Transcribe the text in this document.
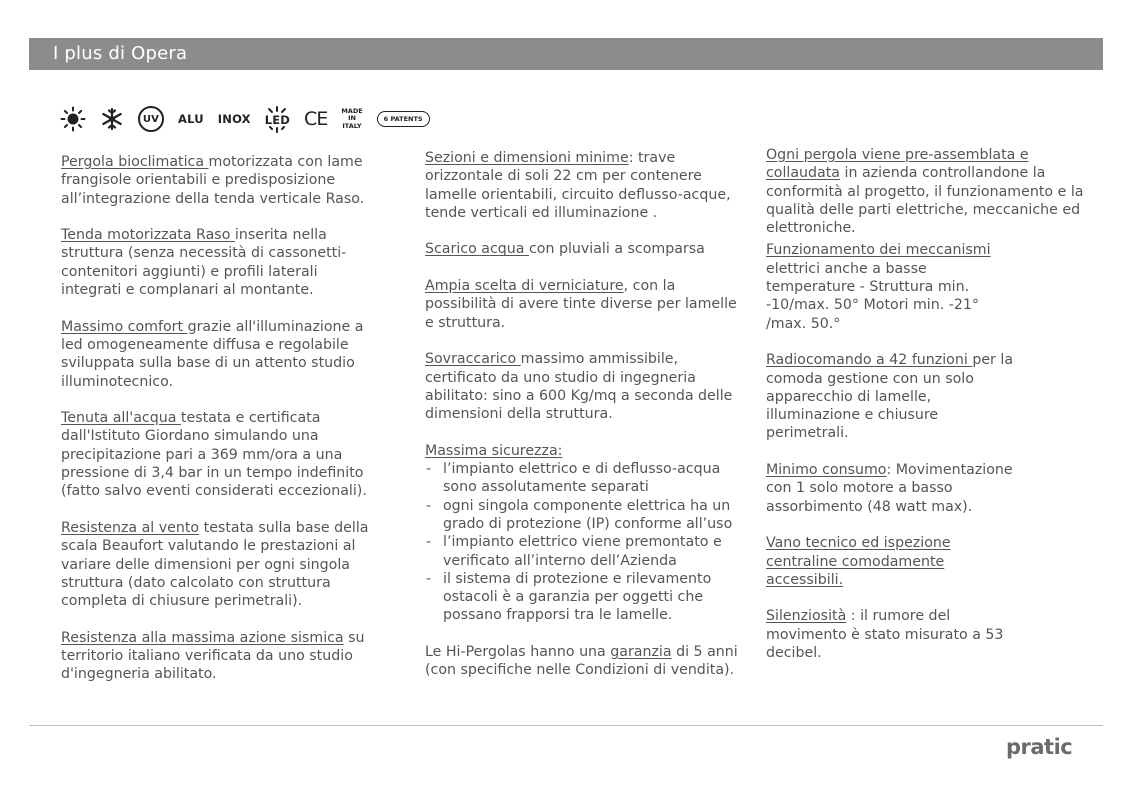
I plus di Opera
UV ALU INOX LED CE MADE
IN
ITALY
6 PATENTS

Pergola bioclimatica motorizzata con lame frangisole orientabili e predisposizione all’integrazione della tenda verticale Raso.

Tenda motorizzata Raso inserita nella struttura (senza necessità di cassonetti-contenitori aggiunti) e profili laterali integrati e complanari al montante.

Massimo comfort grazie all'illuminazione a led omogeneamente diffusa e regolabile sviluppata sulla base di un attento studio illuminotecnico.

Tenuta all'acqua testata e certificata dall'Istituto Giordano simulando una precipitazione pari a 369 mm/ora a una pressione di 3,4 bar in un tempo indefinito (fatto salvo eventi considerati eccezionali).

Resistenza al vento testata sulla base della scala Beaufort valutando le prestazioni al variare delle dimensioni per ogni singola struttura (dato calcolato con struttura completa di chiusure perimetrali).

Resistenza alla massima azione sismica su territorio italiano verificata da uno studio d'ingegneria abilitato.

Sezioni e dimensioni minime: trave orizzontale di soli 22 cm per contenere lamelle orientabili, circuito deflusso-acque, tende verticali ed illuminazione .

Scarico acqua con pluviali a scomparsa

Ampia scelta di verniciature, con la possibilità di avere tinte diverse per lamelle e struttura.

Sovraccarico massimo ammissibile, certificato da uno studio di ingegneria abilitato: sino a 600 Kg/mq a seconda delle dimensioni della struttura.

Massima sicurezza:
- l’impianto elettrico e di deflusso-acqua sono assolutamente separati
- ogni singola componente elettrica ha un grado di protezione (IP) conforme all’uso
- l’impianto elettrico viene premontato e verificato all’interno dell’Azienda
- il sistema di protezione e rilevamento ostacoli è a garanzia per oggetti che possano frapporsi tra le lamelle.

Le Hi-Pergolas hanno una garanzia di 5 anni (con specifiche nelle Condizioni di vendita).

Ogni pergola viene pre-assemblata e collaudata in azienda controllandone la conformità al progetto, il funzionamento e la qualità delle parti elettriche, meccaniche ed elettroniche.

Funzionamento dei meccanismi elettrici anche a basse temperature - Struttura min. -10/max. 50° Motori min. -21° /max. 50.°

Radiocomando a 42 funzioni per la comoda gestione con un solo apparecchio di lamelle, illuminazione e chiusure perimetrali.

Minimo consumo: Movimentazione con 1 solo motore a basso assorbimento (48 watt max).

Vano tecnico ed ispezione centraline comodamente accessibili.

Silenziosità : il rumore del movimento è stato misurato a 53 decibel.

pratic
